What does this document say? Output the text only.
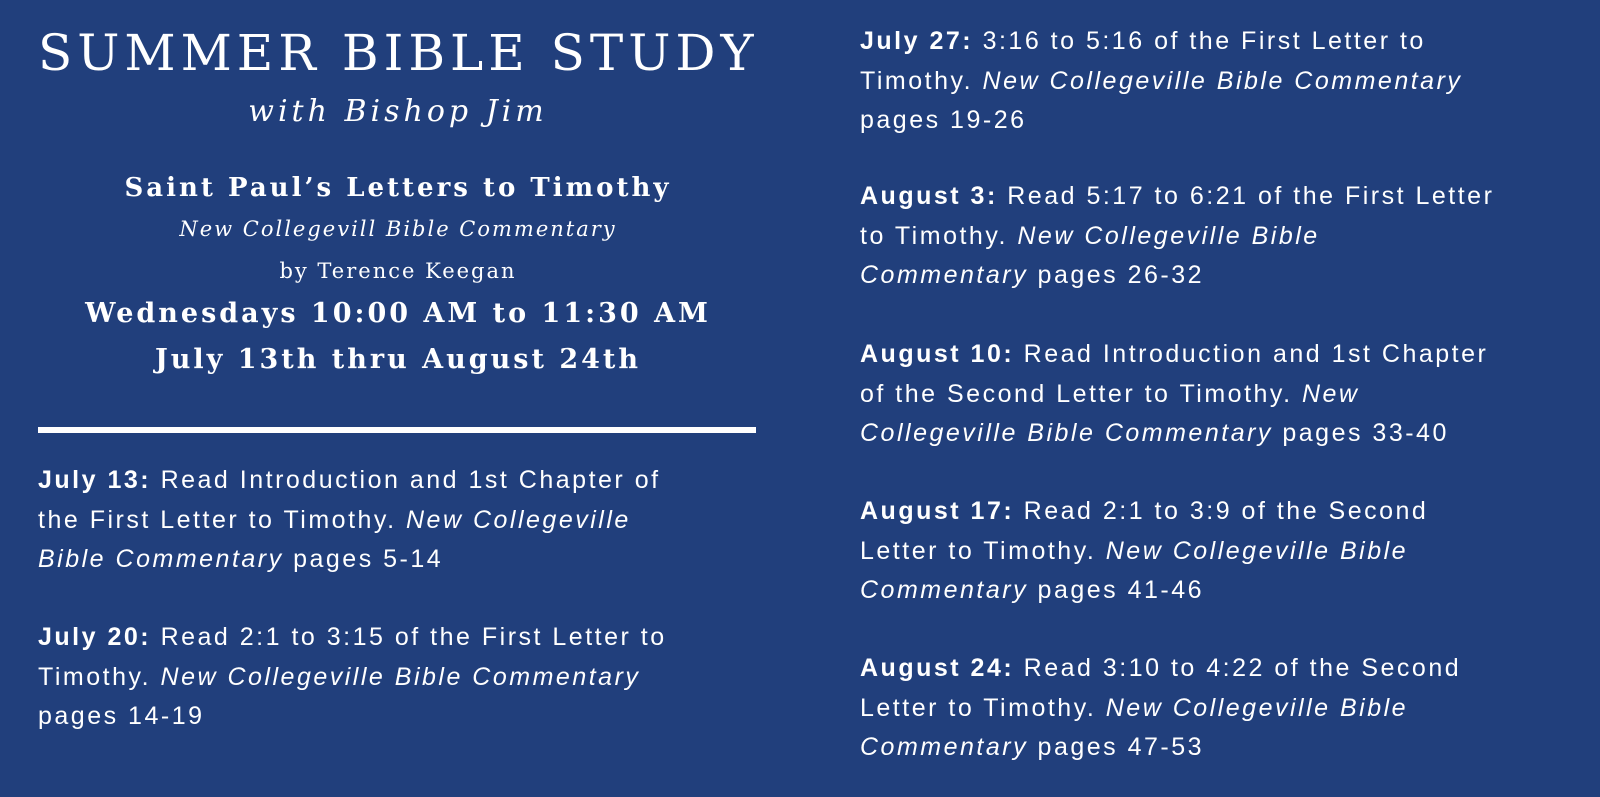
SUMMER BIBLE STUDY
with Bishop Jim
Saint Paul’s Letters to Timothy
New Collegevill Bible Commentary
by Terence Keegan
Wednesdays 10:00 AM to 11:30 AM
July 13th thru August 24th
July 13: Read Introduction and 1st Chapter of
the First Letter to Timothy. New Collegeville
Bible Commentary pages 5-14
July 20: Read 2:1 to 3:15 of the First Letter to
Timothy. New Collegeville Bible Commentary
pages 14-19
July 27: 3:16 to 5:16 of the First Letter to
Timothy. New Collegeville Bible Commentary
pages 19-26
August 3: Read 5:17 to 6:21 of the First Letter
to Timothy. New Collegeville Bible
Commentary pages 26-32
August 10: Read Introduction and 1st Chapter
of the Second Letter to Timothy. New
Collegeville Bible Commentary pages 33-40
August 17: Read 2:1 to 3:9 of the Second
Letter to Timothy. New Collegeville Bible
Commentary pages 41-46
August 24: Read 3:10 to 4:22 of the Second
Letter to Timothy. New Collegeville Bible
Commentary pages 47-53
